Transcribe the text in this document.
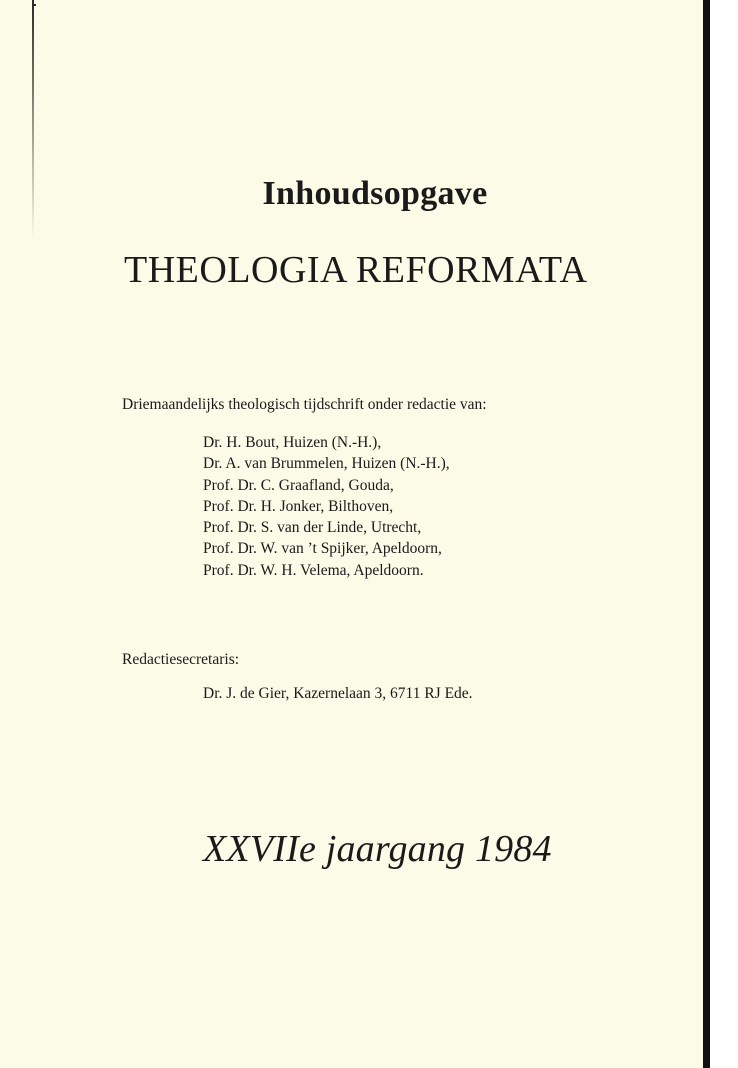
Inhoudsopgave
THEOLOGIA REFORMATA
Driemaandelijks theologisch tijdschrift onder redactie van:
Dr. H. Bout, Huizen (N.-H.),
Dr. A. van Brummelen, Huizen (N.-H.),
Prof. Dr. C. Graafland, Gouda,
Prof. Dr. H. Jonker, Bilthoven,
Prof. Dr. S. van der Linde, Utrecht,
Prof. Dr. W. van ’t Spijker, Apeldoorn,
Prof. Dr. W. H. Velema, Apeldoorn.
Redactiesecretaris:
Dr. J. de Gier, Kazernelaan 3, 6711 RJ Ede.
XXVIIe jaargang 1984
